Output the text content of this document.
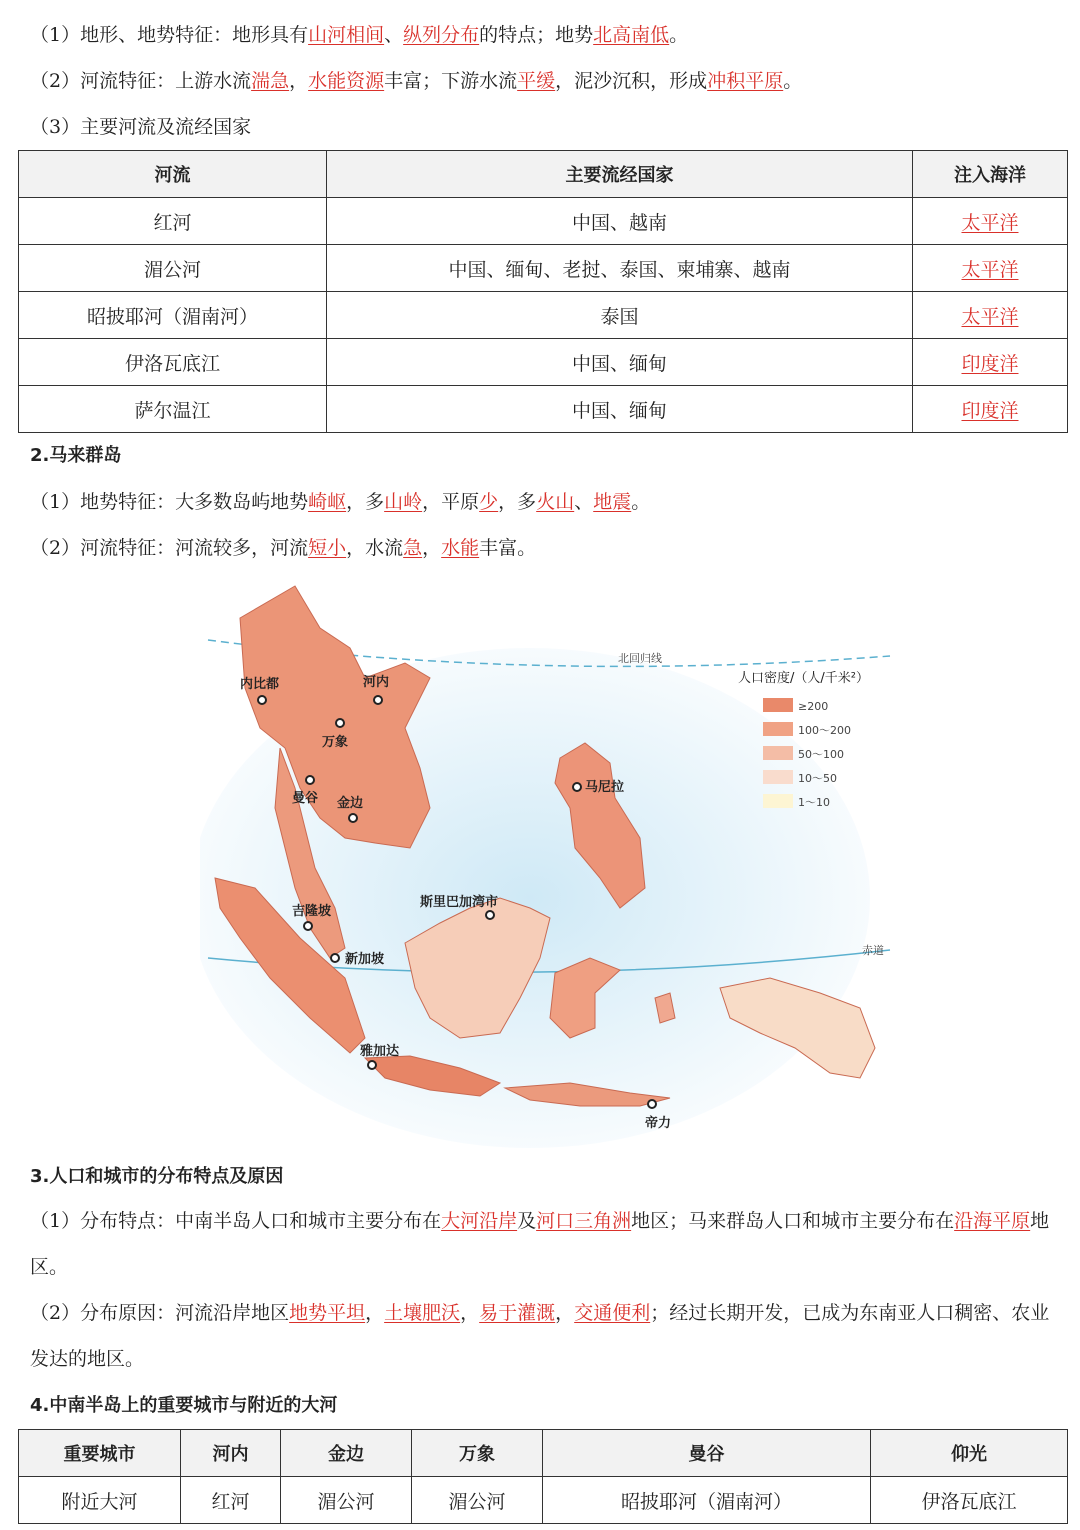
（1）地形、地势特征：地形具有山河相间、纵列分布的特点；地势北高南低。
（2）河流特征：上游水流湍急，水能资源丰富；下游水流平缓，泥沙沉积，形成冲积平原。
（3）主要河流及流经国家
河流	主要流经国家	注入海洋
红河	中国、越南	太平洋
湄公河	中国、缅甸、老挝、泰国、柬埔寨、越南	太平洋
昭披耶河（湄南河）	泰国	太平洋
伊洛瓦底江	中国、缅甸	印度洋
萨尔温江	中国、缅甸	印度洋
2.马来群岛
（1）地势特征：大多数岛屿地势崎岖，多山岭，平原少，多火山、地震。
（2）河流特征：河流较多，河流短小，水流急，水能丰富。
北回归线
赤道
内比都	河内
万象
曼谷 金边
马尼拉
斯里巴加湾市
吉隆坡
新加坡
雅加达
帝力
人口密度/（人/千米²）
≥200
100～200
50～100
10～50
1～10
3.人口和城市的分布特点及原因
（1）分布特点：中南半岛人口和城市主要分布在大河沿岸及河口三角洲地区；马来群岛人口和城市主要分布在沿海平原地区。
（2）分布原因：河流沿岸地区地势平坦，土壤肥沃，易于灌溉，交通便利；经过长期开发，已成为东南亚人口稠密、农业发达的地区。
4.中南半岛上的重要城市与附近的大河
重要城市	河内	金边	万象	曼谷	仰光
附近大河	红河	湄公河	湄公河	昭披耶河（湄南河）	伊洛瓦底江
